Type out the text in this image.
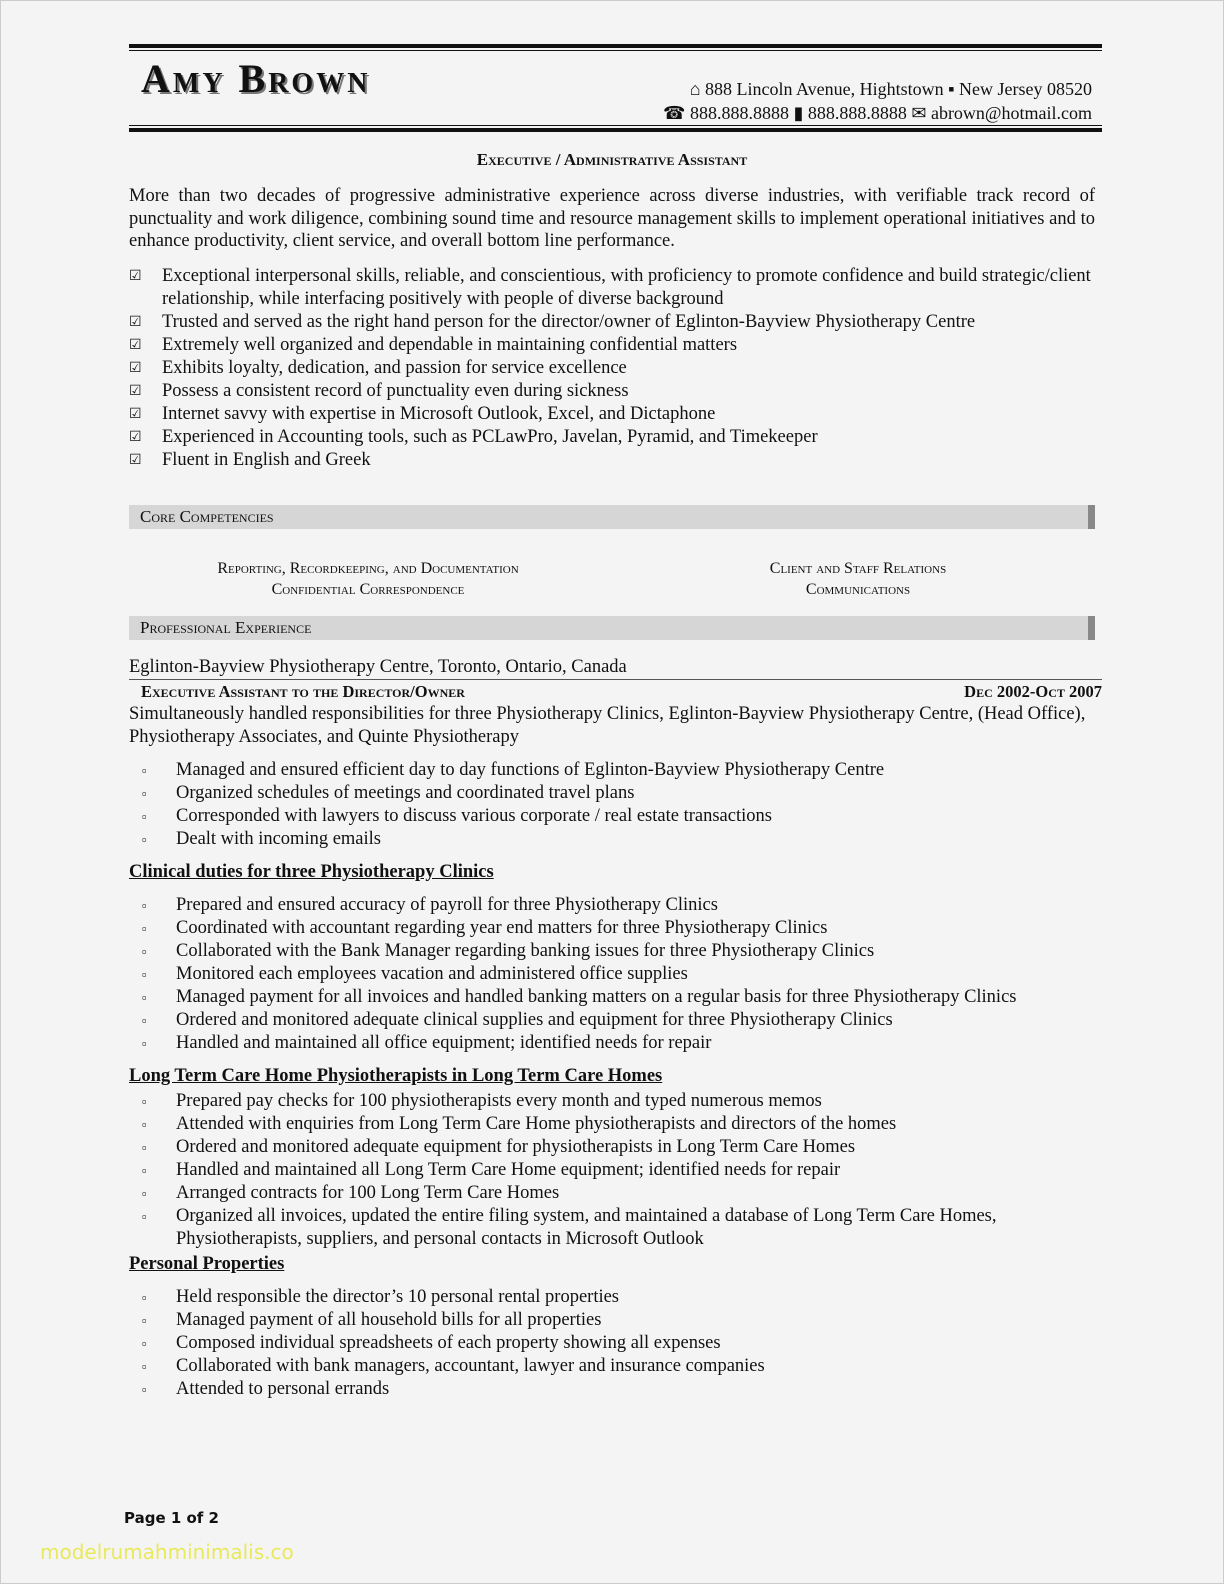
Amy Brown	⌂ 888 Lincoln Avenue, Hightstown ▪ New Jersey 08520
☎ 888.888.8888 ▮ 888.888.8888 ✉ abrown@hotmail.com
Executive / Administrative Assistant
More than two decades of progressive administrative experience across diverse industries, with verifiable track record of punctuality and work diligence, combining sound time and resource management skills to implement operational initiatives and to enhance productivity, client service, and overall bottom line performance.
☑ Exceptional interpersonal skills, reliable, and conscientious, with proficiency to promote confidence and build strategic/client relationship, while interfacing positively with people of diverse background
☑ Trusted and served as the right hand person for the director/owner of Eglinton-Bayview Physiotherapy Centre
☑ Extremely well organized and dependable in maintaining confidential matters
☑ Exhibits loyalty, dedication, and passion for service excellence
☑ Possess a consistent record of punctuality even during sickness
☑ Internet savvy with expertise in Microsoft Outlook, Excel, and Dictaphone
☑ Experienced in Accounting tools, such as PCLawPro, Javelan, Pyramid, and Timekeeper
☑ Fluent in English and Greek
Core Competencies
Reporting, Recordkeeping, and Documentation
Confidential Correspondence
Client and Staff Relations
Communications
Professional Experience
Eglinton-Bayview Physiotherapy Centre, Toronto, Ontario, Canada
Executive Assistant to the Director/Owner	Dec 2002-Oct 2007
Simultaneously handled responsibilities for three Physiotherapy Clinics, Eglinton-Bayview Physiotherapy Centre, (Head Office), Physiotherapy Associates, and Quinte Physiotherapy
▫ Managed and ensured efficient day to day functions of Eglinton-Bayview Physiotherapy Centre
▫ Organized schedules of meetings and coordinated travel plans
▫ Corresponded with lawyers to discuss various corporate / real estate transactions
▫ Dealt with incoming emails
Clinical duties for three Physiotherapy Clinics
▫ Prepared and ensured accuracy of payroll for three Physiotherapy Clinics
▫ Coordinated with accountant regarding year end matters for three Physiotherapy Clinics
▫ Collaborated with the Bank Manager regarding banking issues for three Physiotherapy Clinics
▫ Monitored each employees vacation and administered office supplies
▫ Managed payment for all invoices and handled banking matters on a regular basis for three Physiotherapy Clinics
▫ Ordered and monitored adequate clinical supplies and equipment for three Physiotherapy Clinics
▫ Handled and maintained all office equipment; identified needs for repair
Long Term Care Home Physiotherapists in Long Term Care Homes
▫ Prepared pay checks for 100 physiotherapists every month and typed numerous memos
▫ Attended with enquiries from Long Term Care Home physiotherapists and directors of the homes
▫ Ordered and monitored adequate equipment for physiotherapists in Long Term Care Homes
▫ Handled and maintained all Long Term Care Home equipment; identified needs for repair
▫ Arranged contracts for 100 Long Term Care Homes
▫ Organized all invoices, updated the entire filing system, and maintained a database of Long Term Care Homes, Physiotherapists, suppliers, and personal contacts in Microsoft Outlook
Personal Properties
▫ Held responsible the director’s 10 personal rental properties
▫ Managed payment of all household bills for all properties
▫ Composed individual spreadsheets of each property showing all expenses
▫ Collaborated with bank managers, accountant, lawyer and insurance companies
▫ Attended to personal errands
Page 1 of 2
modelrumahminimalis.co
